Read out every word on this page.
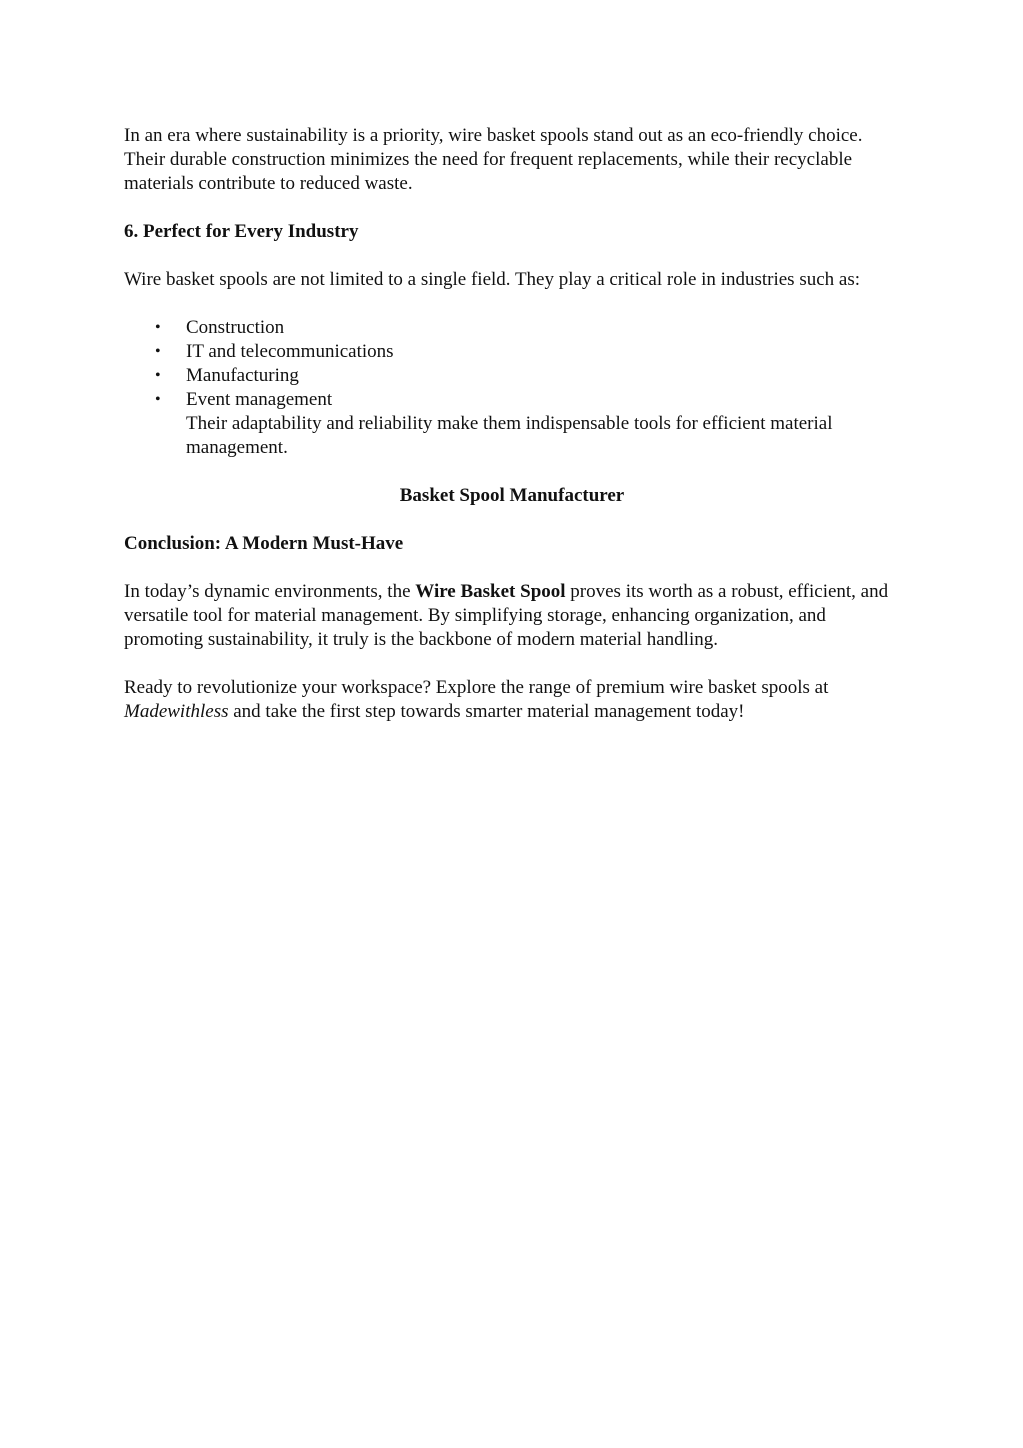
In an era where sustainability is a priority, wire basket spools stand out as an eco-friendly choice. Their durable construction minimizes the need for frequent replacements, while their recyclable materials contribute to reduced waste.

6. Perfect for Every Industry

Wire basket spools are not limited to a single field. They play a critical role in industries such as:

• Construction
• IT and telecommunications
• Manufacturing
• Event management
Their adaptability and reliability make them indispensable tools for efficient material management.

Basket Spool Manufacturer

Conclusion: A Modern Must-Have

In today’s dynamic environments, the Wire Basket Spool proves its worth as a robust, efficient, and versatile tool for material management. By simplifying storage, enhancing organization, and promoting sustainability, it truly is the backbone of modern material handling.

Ready to revolutionize your workspace? Explore the range of premium wire basket spools at Madewithless and take the first step towards smarter material management today!
